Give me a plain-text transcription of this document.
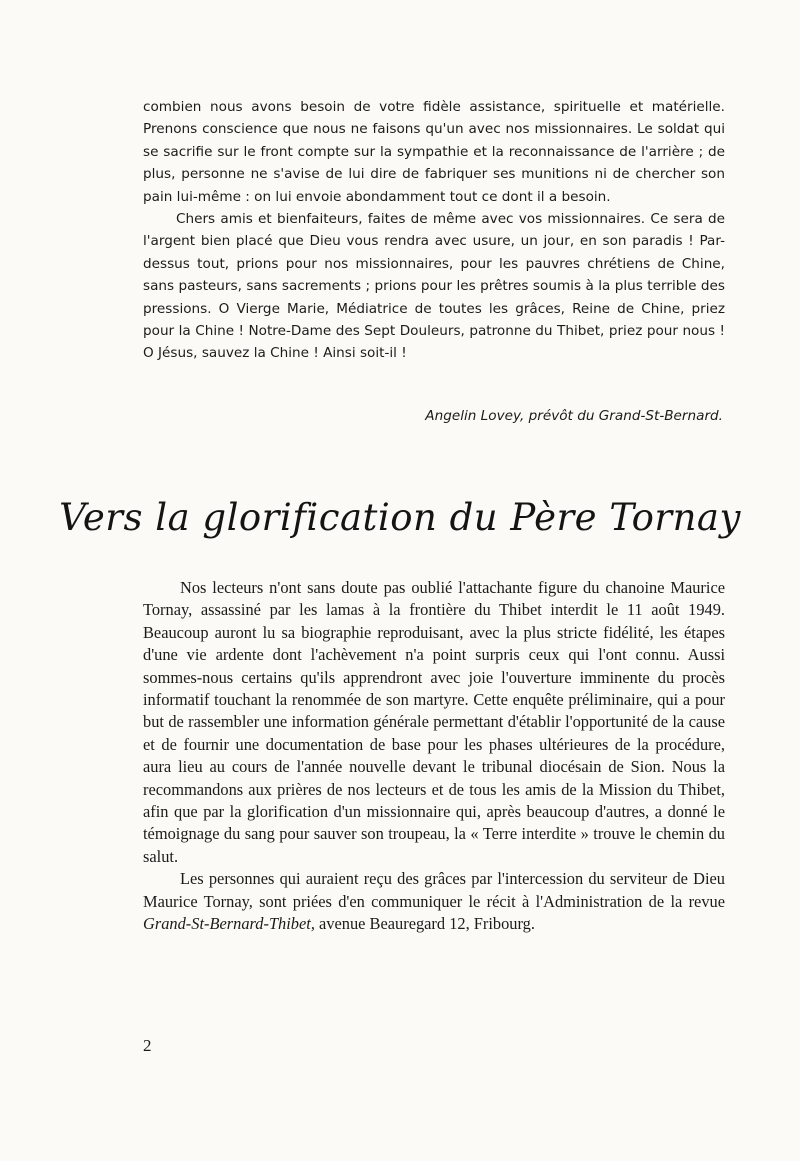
combien nous avons besoin de votre fidèle assistance, spirituelle et matérielle. Prenons conscience que nous ne faisons qu'un avec nos missionnaires. Le soldat qui se sacrifie sur le front compte sur la sympathie et la reconnaissance de l'arrière ; de plus, personne ne s'avise de lui dire de fabriquer ses munitions ni de chercher son pain lui-même : on lui envoie abondamment tout ce dont il a besoin.

Chers amis et bienfaiteurs, faites de même avec vos missionnaires. Ce sera de l'argent bien placé que Dieu vous rendra avec usure, un jour, en son paradis ! Par-dessus tout, prions pour nos missionnaires, pour les pauvres chrétiens de Chine, sans pasteurs, sans sacrements ; prions pour les prêtres soumis à la plus terrible des pressions. O Vierge Marie, Médiatrice de toutes les grâces, Reine de Chine, priez pour la Chine ! Notre-Dame des Sept Douleurs, patronne du Thibet, priez pour nous ! O Jésus, sauvez la Chine ! Ainsi soit-il !

Angelin Lovey, prévôt du Grand-St-Bernard.
Vers la glorification du Père Tornay

Nos lecteurs n'ont sans doute pas oublié l'attachante figure du chanoine Maurice Tornay, assassiné par les lamas à la frontière du Thibet interdit le 11 août 1949. Beaucoup auront lu sa biographie reproduisant, avec la plus stricte fidélité, les étapes d'une vie ardente dont l'achèvement n'a point surpris ceux qui l'ont connu. Aussi sommes-nous certains qu'ils apprendront avec joie l'ouverture imminente du procès informatif touchant la renommée de son martyre. Cette enquête préliminaire, qui a pour but de rassembler une information générale permettant d'établir l'opportunité de la cause et de fournir une documentation de base pour les phases ultérieures de la procédure, aura lieu au cours de l'année nouvelle devant le tribunal diocésain de Sion. Nous la recommandons aux prières de nos lecteurs et de tous les amis de la Mission du Thibet, afin que par la glorification d'un missionnaire qui, après beaucoup d'autres, a donné le témoignage du sang pour sauver son troupeau, la « Terre interdite » trouve le chemin du salut.

Les personnes qui auraient reçu des grâces par l'intercession du serviteur de Dieu Maurice Tornay, sont priées d'en communiquer le récit à l'Administration de la revue Grand-St-Bernard-Thibet, avenue Beauregard 12, Fribourg.

2
